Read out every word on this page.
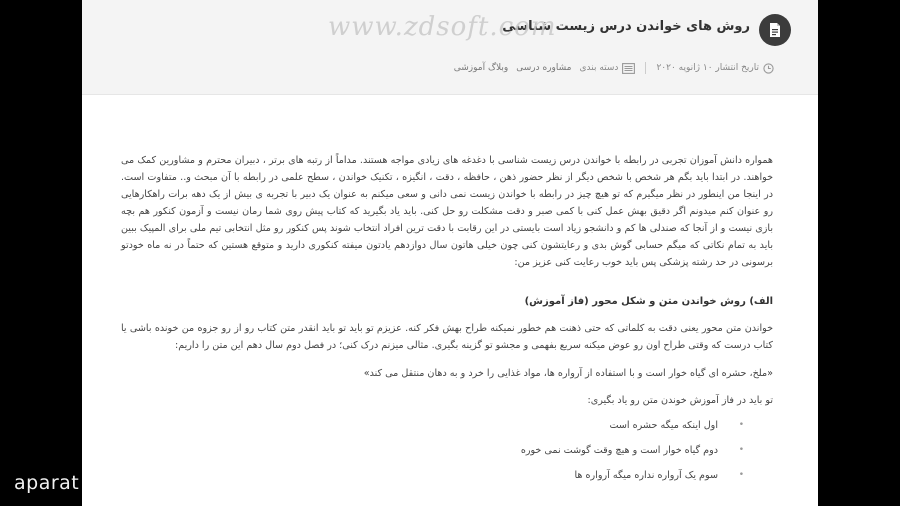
aparat
روش های خواندن درس زیست شناسی
www.zdsoft.com
تاریخ انتشار ۱۰ ژانویه ۲۰۲۰
دسته بندی
مشاوره درسی
وبلاگ آموزشی

همواره دانش آموزان تجربی در رابطه با خواندن درس زیست شناسی با دغدغه های زیادی مواجه هستند. مداماً از رتبه های برتر ، دبیران محترم و مشاورین کمک می خواهند. در ابتدا باید بگم هر شخص با شخص دیگر از نظر حضور ذهن ، حافظه ، دقت ، انگیزه ، تکنیک خواندن ، سطح علمی در رابطه با آن مبحث و.. متفاوت است. در اینجا من اینطور در نظر میگیرم که تو هیچ چیز در رابطه با خواندن زیست نمی دانی و سعی میکنم به عنوان یک دبیر با تجربه ی بیش از یک دهه برات راهکارهایی رو عنوان کنم میدونم اگر دقیق بهش عمل کنی با کمی صبر و دقت مشکلت رو حل کنی. باید یاد بگیرید که کتاب پیش روی شما رمان نیست و آزمون کنکور هم بچه بازی نیست و از آنجا که صندلی ها کم و دانشجو زیاد است بایستی در این رقابت با دقت ترین افراد انتخاب شوند پس کنکور رو مثل انتخابی تیم ملی برای المپیک ببین باید به تمام نکاتی که میگم حسابی گوش بدی و رعایتشون کنی چون خیلی هاتون سال دوازدهم یادتون میفته کنکوری دارید و متوقع هستین که حتماً در نه ماه خودتو برسونی در حد رشته پزشکی پس باید خوب رعایت کنی عزیز من:

الف) روش خواندن متن و شکل محور (فاز آموزش)

خواندن متن محور یعنی دقت به کلماتی که حتی ذهنت هم خطور نمیکنه طراح بهش فکر کنه. عزیزم تو باید تو باید انقدر متن کتاب رو از رو جزوه من خونده باشی یا کتاب درست که وقتی طراح اون رو عوض میکنه سریع بفهمی و مجشو تو گزینه بگیری. مثالی میزنم درک کنی؛ در فصل دوم سال دهم این متن را داریم:

«ملخ، حشره ای گیاه خوار است و با استفاده از آرواره ها، مواد غذایی را خرد و به دهان منتقل می کند»

تو باید در فاز آموزش خوندن متن رو یاد بگیری:

• اول اینکه میگه حشره است
• دوم گیاه خوار است و هیچ وقت گوشت نمی خوره
• سوم یک آرواره نداره میگه آرواره ها
